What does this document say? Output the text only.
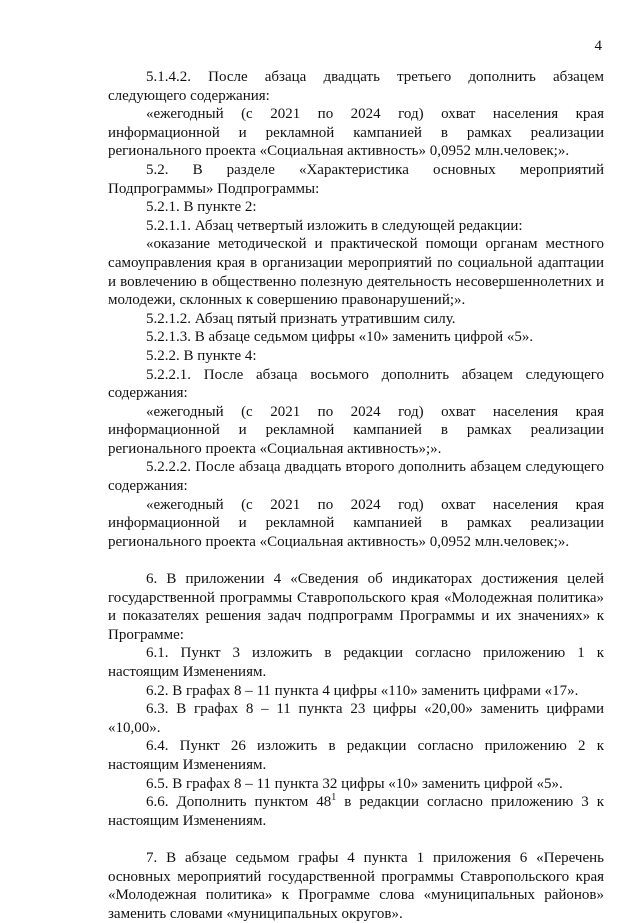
4

5.1.4.2. После абзаца двадцать третьего дополнить абзацем следующего содержания:

«ежегодный (с 2021 по 2024 год) охват населения края информационной и рекламной кампанией в рамках реализации регионального проекта «Социальная активность» 0,0952 млн.человек;».

5.2. В разделе «Характеристика основных мероприятий Подпрограммы» Подпрограммы:

5.2.1. В пункте 2:

5.2.1.1. Абзац четвертый изложить в следующей редакции:

«оказание методической и практической помощи органам местного самоуправления края в организации мероприятий по социальной адаптации и вовлечению в общественно полезную деятельность несовершеннолетних и молодежи, склонных к совершению правонарушений;».

5.2.1.2. Абзац пятый признать утратившим силу.

5.2.1.3. В абзаце седьмом цифры «10» заменить цифрой «5».

5.2.2. В пункте 4:

5.2.2.1. После абзаца восьмого дополнить абзацем следующего содержания:

«ежегодный (с 2021 по 2024 год) охват населения края информационной и рекламной кампанией в рамках реализации регионального проекта «Социальная активность»;».

5.2.2.2. После абзаца двадцать второго дополнить абзацем следующего содержания:

«ежегодный (с 2021 по 2024 год) охват населения края информационной и рекламной кампанией в рамках реализации регионального проекта «Социальная активность» 0,0952 млн.человек;».

6. В приложении 4 «Сведения об индикаторах достижения целей государственной программы Ставропольского края «Молодежная политика» и показателях решения задач подпрограмм Программы и их значениях» к Программе:

6.1. Пункт 3 изложить в редакции согласно приложению 1 к настоящим Изменениям.

6.2. В графах 8 – 11 пункта 4 цифры «110» заменить цифрами «17».

6.3. В графах 8 – 11 пункта 23 цифры «20,00» заменить цифрами «10,00».

6.4. Пункт 26 изложить в редакции согласно приложению 2 к настоящим Изменениям.

6.5. В графах 8 – 11 пункта 32 цифры «10» заменить цифрой «5».

6.6. Дополнить пунктом $48^1$ в редакции согласно приложению 3 к настоящим Изменениям.

7. В абзаце седьмом графы 4 пункта 1 приложения 6 «Перечень основных мероприятий государственной программы Ставропольского края «Молодежная политика» к Программе слова «муниципальных районов» заменить словами «муниципальных округов».
